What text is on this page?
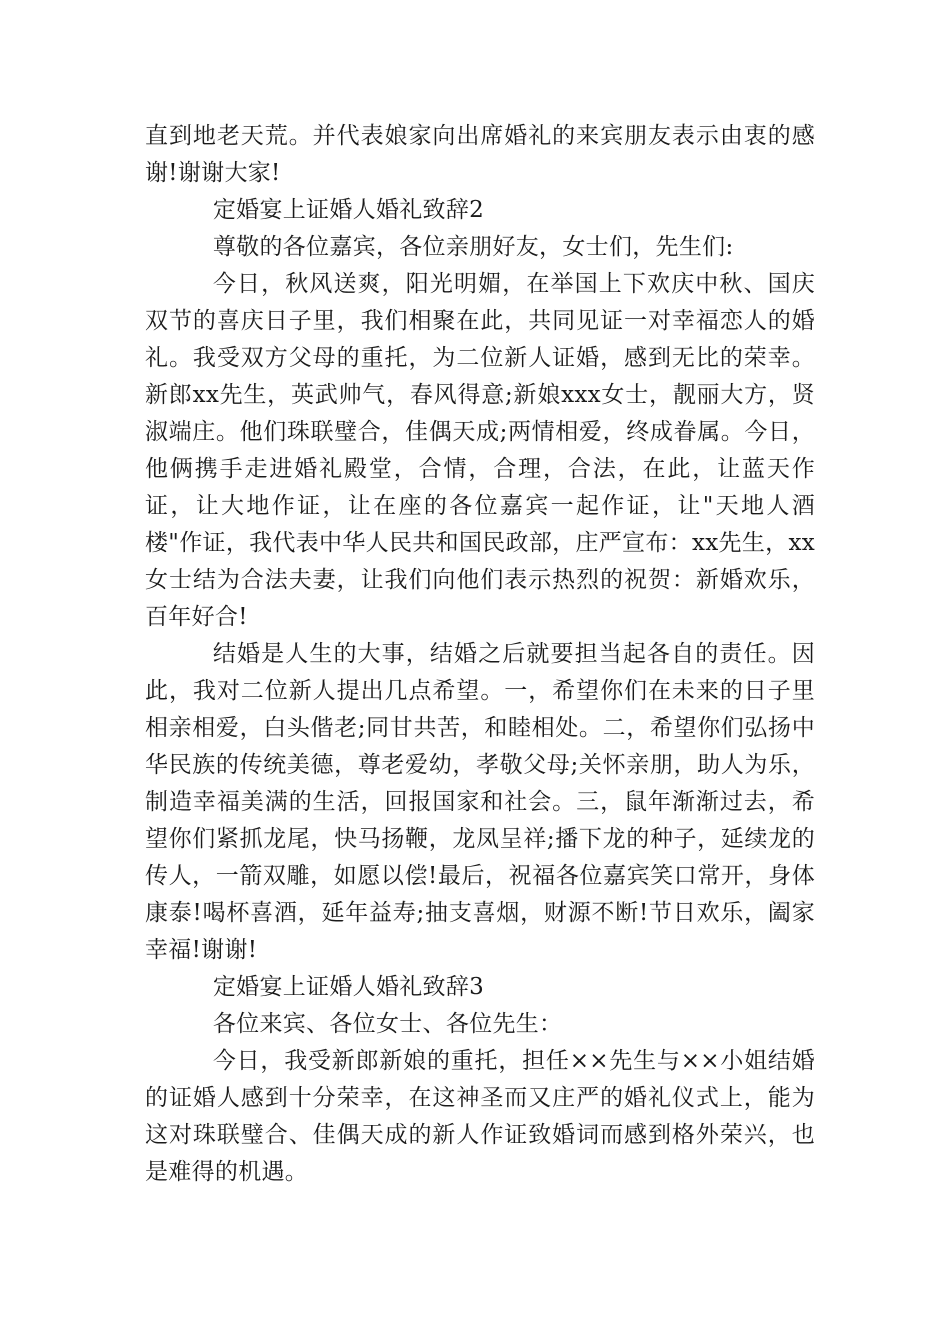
直到地老天荒。并代表娘家向出席婚礼的来宾朋友表示由衷的感谢!谢谢大家!

定婚宴上证婚人婚礼致辞2

尊敬的各位嘉宾，各位亲朋好友，女士们，先生们:

今日，秋风送爽，阳光明媚，在举国上下欢庆中秋、国庆双节的喜庆日子里，我们相聚在此，共同见证一对幸福恋人的婚礼。我受双方父母的重托，为二位新人证婚，感到无比的荣幸。新郎xx先生，英武帅气，春风得意;新娘xxx女士，靓丽大方，贤淑端庄。他们珠联璧合，佳偶天成;两情相爱，终成眷属。今日，他俩携手走进婚礼殿堂，合情，合理，合法，在此，让蓝天作证，让大地作证，让在座的各位嘉宾一起作证，让"天地人酒楼"作证，我代表中华人民共和国民政部，庄严宣布：xx先生，xx女士结为合法夫妻，让我们向他们表示热烈的祝贺：新婚欢乐，百年好合!

结婚是人生的大事，结婚之后就要担当起各自的责任。因此，我对二位新人提出几点希望。一，希望你们在未来的日子里相亲相爱，白头偕老;同甘共苦，和睦相处。二，希望你们弘扬中华民族的传统美德，尊老爱幼，孝敬父母;关怀亲朋，助人为乐，制造幸福美满的生活，回报国家和社会。三，鼠年渐渐过去，希望你们紧抓龙尾，快马扬鞭，龙凤呈祥;播下龙的种子，延续龙的传人，一箭双雕，如愿以偿!最后，祝福各位嘉宾笑口常开，身体康泰!喝杯喜酒，延年益寿;抽支喜烟，财源不断!节日欢乐，阖家幸福!谢谢!

定婚宴上证婚人婚礼致辞3

各位来宾、各位女士、各位先生：

今日，我受新郎新娘的重托，担任××先生与××小姐结婚的证婚人感到十分荣幸，在这神圣而又庄严的婚礼仪式上，能为这对珠联璧合、佳偶天成的新人作证致婚词而感到格外荣兴，也是难得的机遇。
